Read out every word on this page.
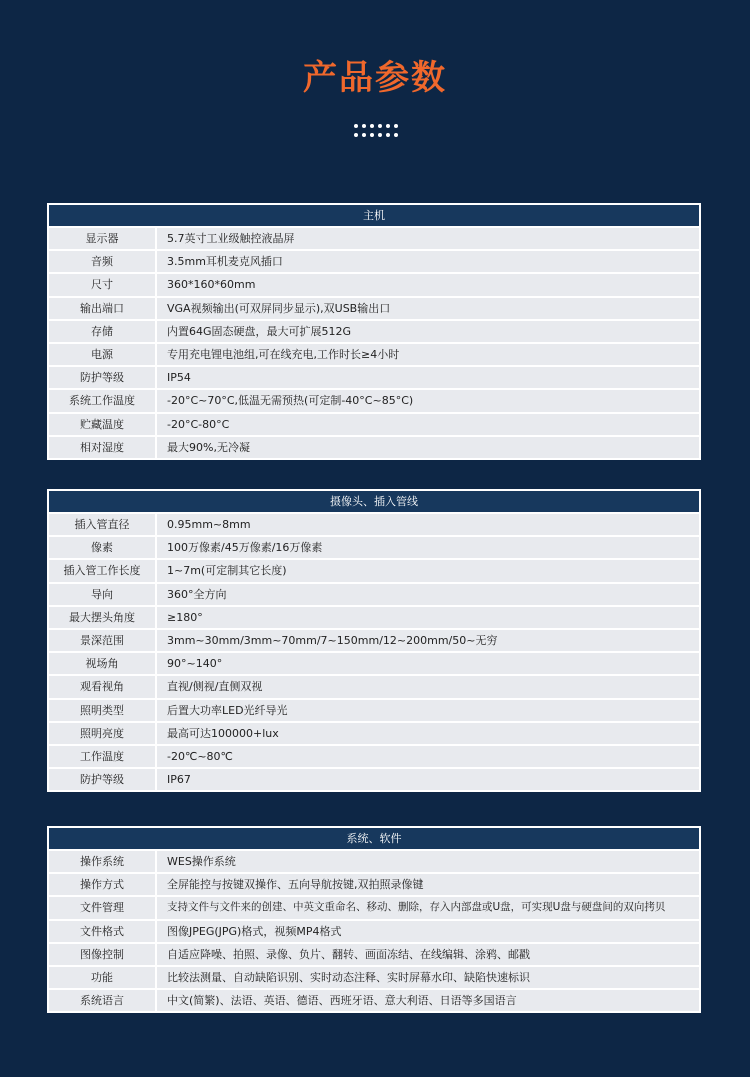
产品参数
主机
显示器	5.7英寸工业级触控液晶屏
音频	3.5mm耳机麦克风插口
尺寸	360*160*60mm
输出端口	VGA视频输出(可双屏同步显示),双USB输出口
存储	内置64G固态硬盘，最大可扩展512G
电源	专用充电锂电池组,可在线充电,工作时长≥4小时
防护等级	IP54
系统工作温度	-20°C~70°C,低温无需预热(可定制-40°C~85°C)
贮藏温度	-20°C-80°C
相对湿度	最大90%,无冷凝
摄像头、插入管线
插入管直径	0.95mm~8mm
像素	100万像素/45万像素/16万像素
插入管工作长度	1~7m(可定制其它长度)
导向	360°全方向
最大摆头角度	≥180°
景深范围	3mm~30mm/3mm~70mm/7~150mm/12~200mm/50~无穷
视场角	90°~140°
观看视角	直视/侧视/直侧双视
照明类型	后置大功率LED光纤导光
照明亮度	最高可达100000+lux
工作温度	-20℃~80℃
防护等级	IP67
系统、软件
操作系统	WES操作系统
操作方式	全屏能控与按键双操作、五向导航按键,双拍照录像键
文件管理	支持文件与文件来的创建、中英文重命名、移动、删除，存入内部盘或U盘，可实现U盘与硬盘间的双向拷贝
文件格式	图像JPEG(JPG)格式，视频MP4格式
图像控制	自适应降噪、拍照、录像、负片、翻转、画面冻结、在线编辑、涂鸦、邮戳
功能	比较法测量、自动缺陷识别、实时动态注释、实时屏幕水印、缺陷快速标识
系统语言	中文(简繁)、法语、英语、德语、西班牙语、意大利语、日语等多国语言
